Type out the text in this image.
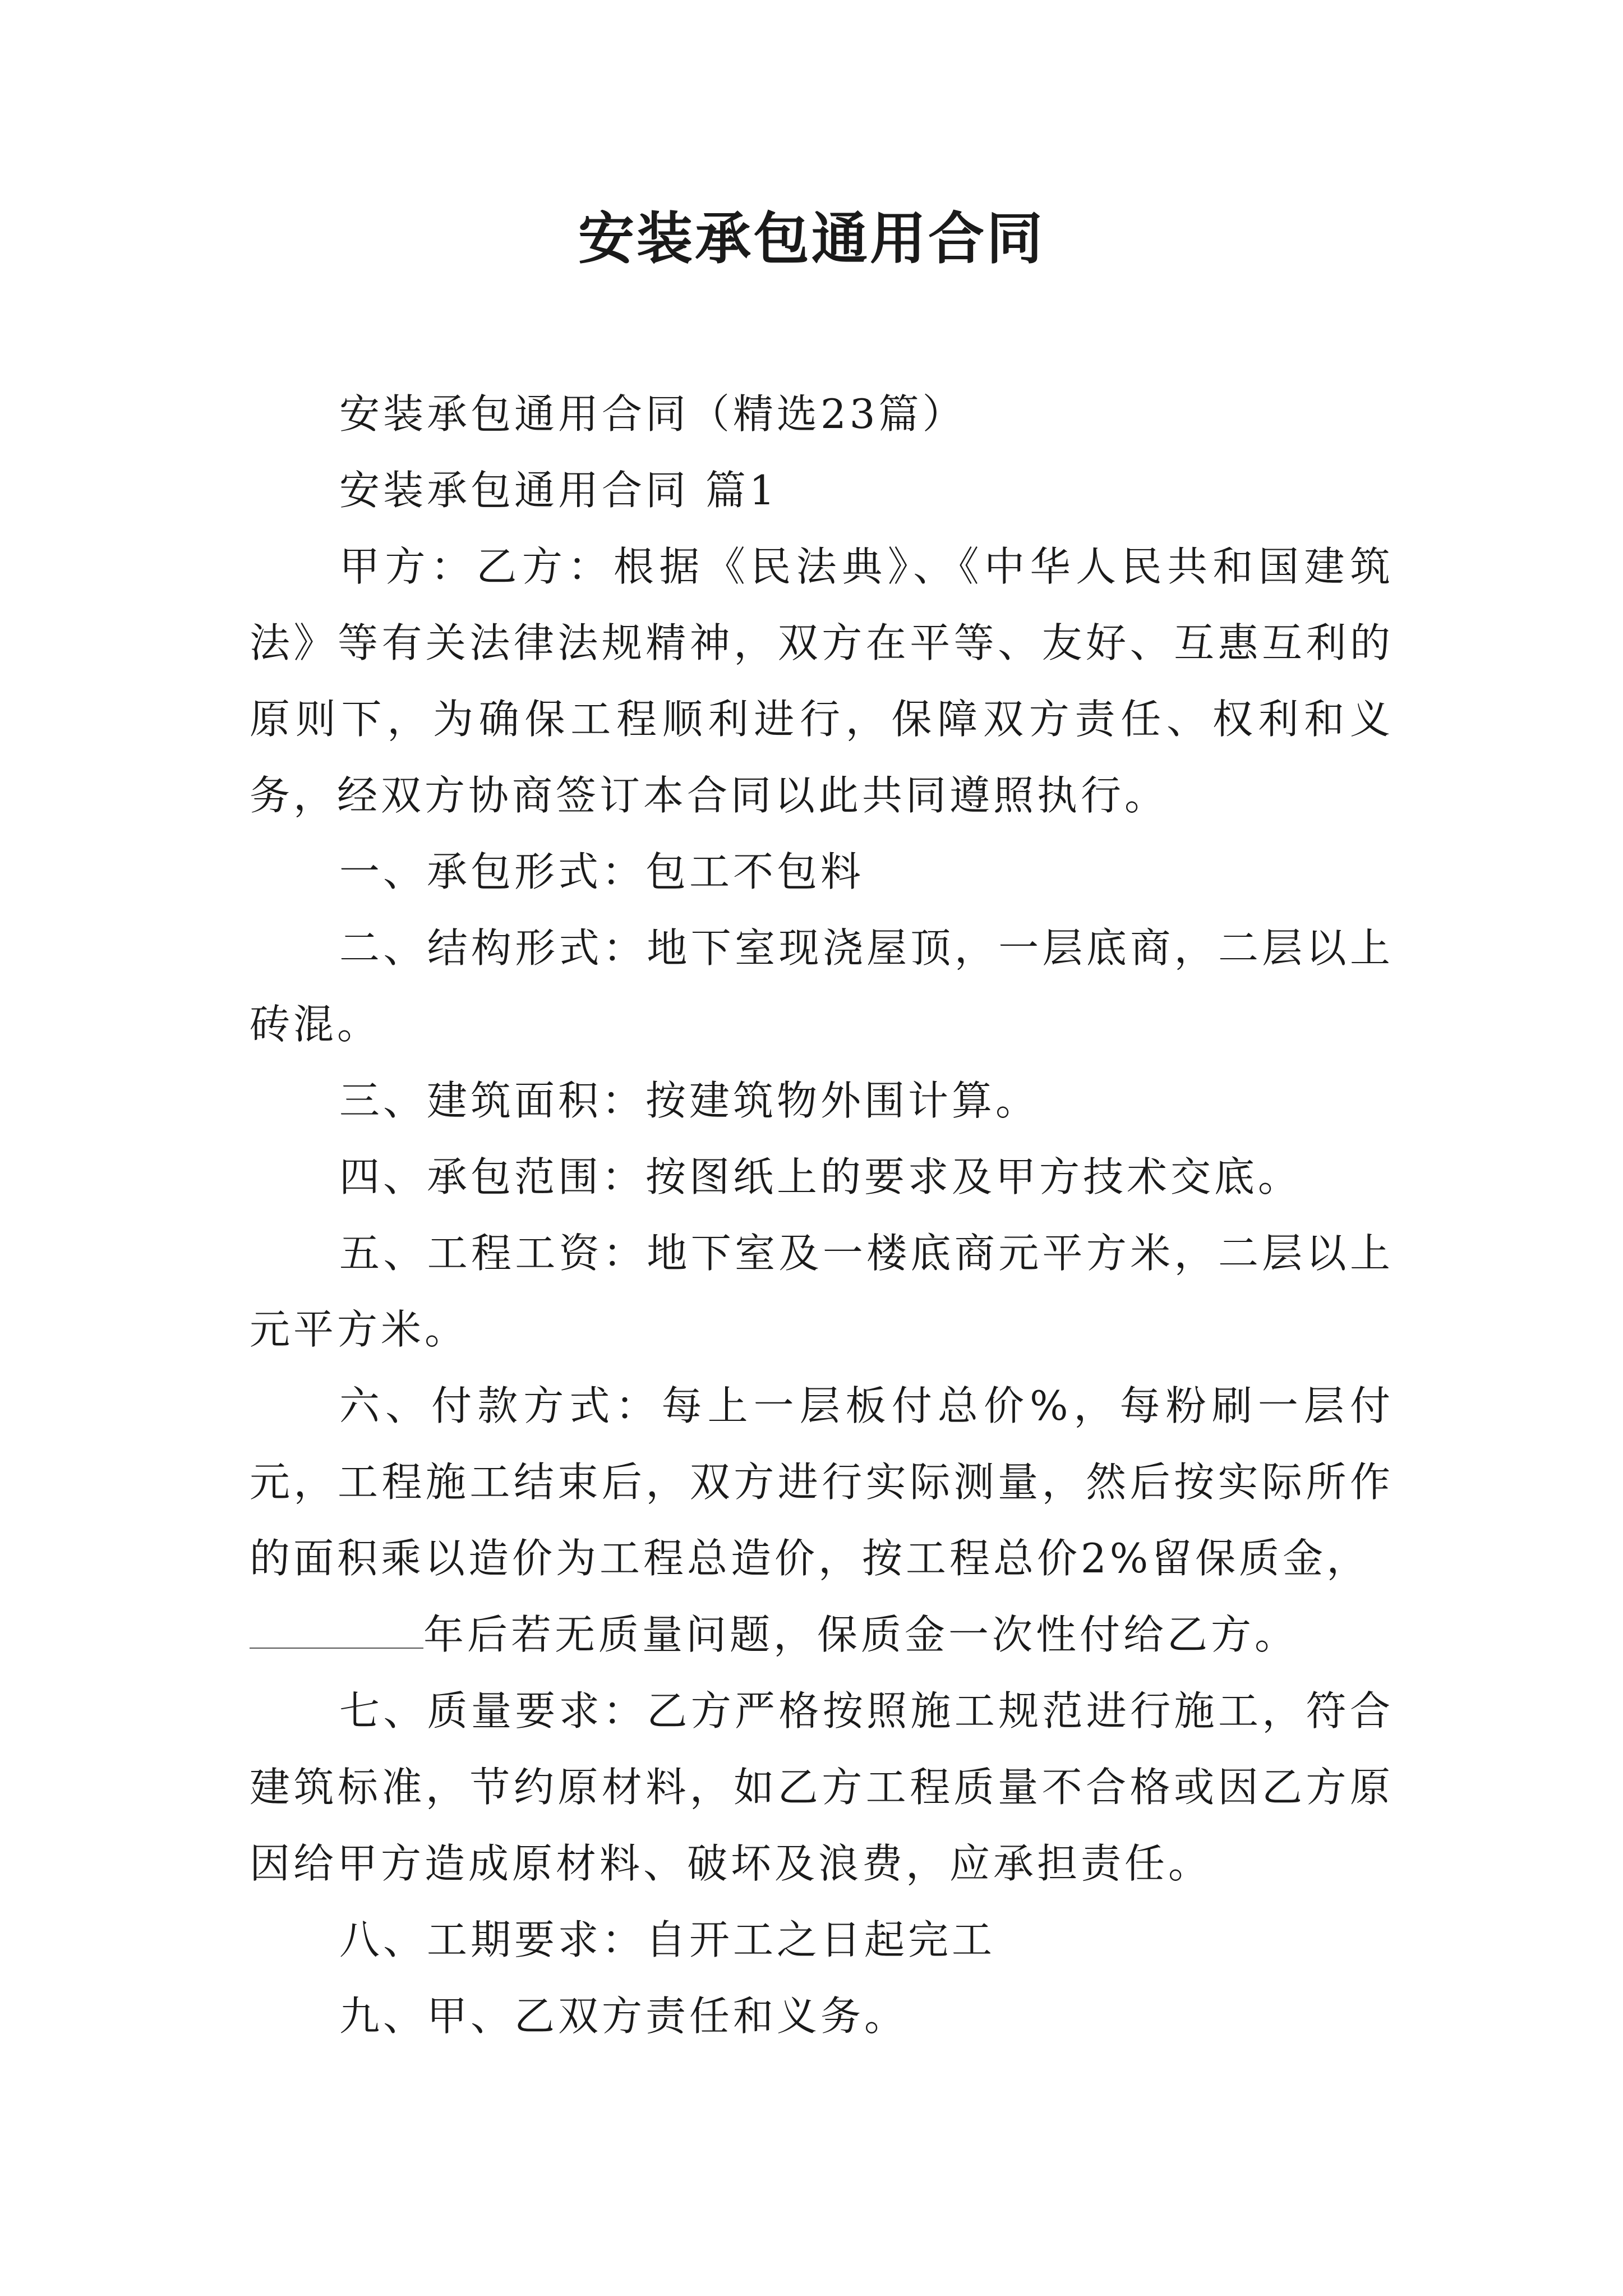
安装承包通用合同

安装承包通用合同（精选23篇）

安装承包通用合同 篇1

甲方：乙方：根据《民法典》、《中华人民共和国建筑法》等有关法律法规精神，双方在平等、友好、互惠互利的原则下，为确保工程顺利进行，保障双方责任、权利和义务，经双方协商签订本合同以此共同遵照执行。

一、承包形式：包工不包料

二、结构形式：地下室现浇屋顶，一层底商，二层以上砖混。

三、建筑面积：按建筑物外围计算。

四、承包范围：按图纸上的要求及甲方技术交底。

五、工程工资：地下室及一楼底商元平方米，二层以上元平方米。

六、付款方式：每上一层板付总价%，每粉刷一层付元，工程施工结束后，双方进行实际测量，然后按实际所作的面积乘以造价为工程总造价，按工程总价2%留保质金，

年后若无质量问题，保质金一次性付给乙方。

七、质量要求：乙方严格按照施工规范进行施工，符合建筑标准，节约原材料，如乙方工程质量不合格或因乙方原因给甲方造成原材料、破坏及浪费，应承担责任。

八、工期要求：自开工之日起完工

九、甲、乙双方责任和义务。
